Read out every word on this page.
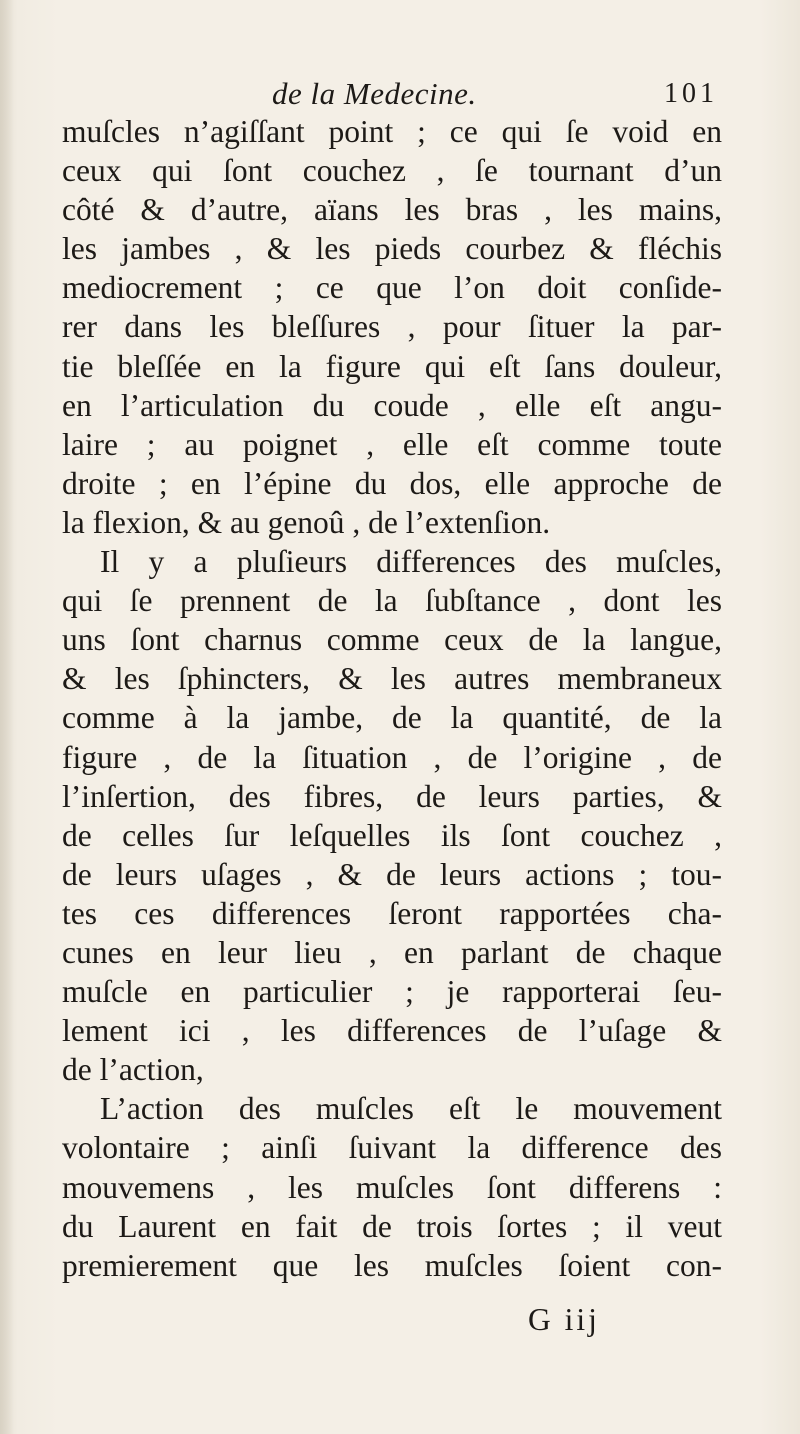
de la Medecine.	101
muſcles n’agiſſant point ; ce qui ſe void en
ceux qui ſont couchez , ſe tournant d’un
côté & d’autre, aïans les bras , les mains,
les jambes , & les pieds courbez & fléchis
mediocrement ; ce que l’on doit conſide-
rer dans les bleſſures , pour ſituer la par-
tie bleſſée en la figure qui eſt ſans douleur,
en l’articulation du coude , elle eſt angu-
laire ; au poignet , elle eſt comme toute
droite ; en l’épine du dos, elle approche de
la flexion, & au genoû , de l’extenſion.
Il y a pluſieurs differences des muſcles,
qui ſe prennent de la ſubſtance , dont les
uns ſont charnus comme ceux de la langue,
& les ſphincters, & les autres membraneux
comme à la jambe, de la quantité, de la
figure , de la ſituation , de l’origine , de
l’inſertion, des fibres, de leurs parties, &
de celles ſur leſquelles ils ſont couchez ,
de leurs uſages , & de leurs actions ; tou-
tes ces differences ſeront rapportées cha-
cunes en leur lieu , en parlant de chaque
muſcle en particulier ; je rapporterai ſeu-
lement ici , les differences de l’uſage &
de l’action,
L’action des muſcles eſt le mouvement
volontaire ; ainſi ſuivant la difference des
mouvemens , les muſcles ſont differens :
du Laurent en fait de trois ſortes ; il veut
premierement que les muſcles ſoient con-
G iij
